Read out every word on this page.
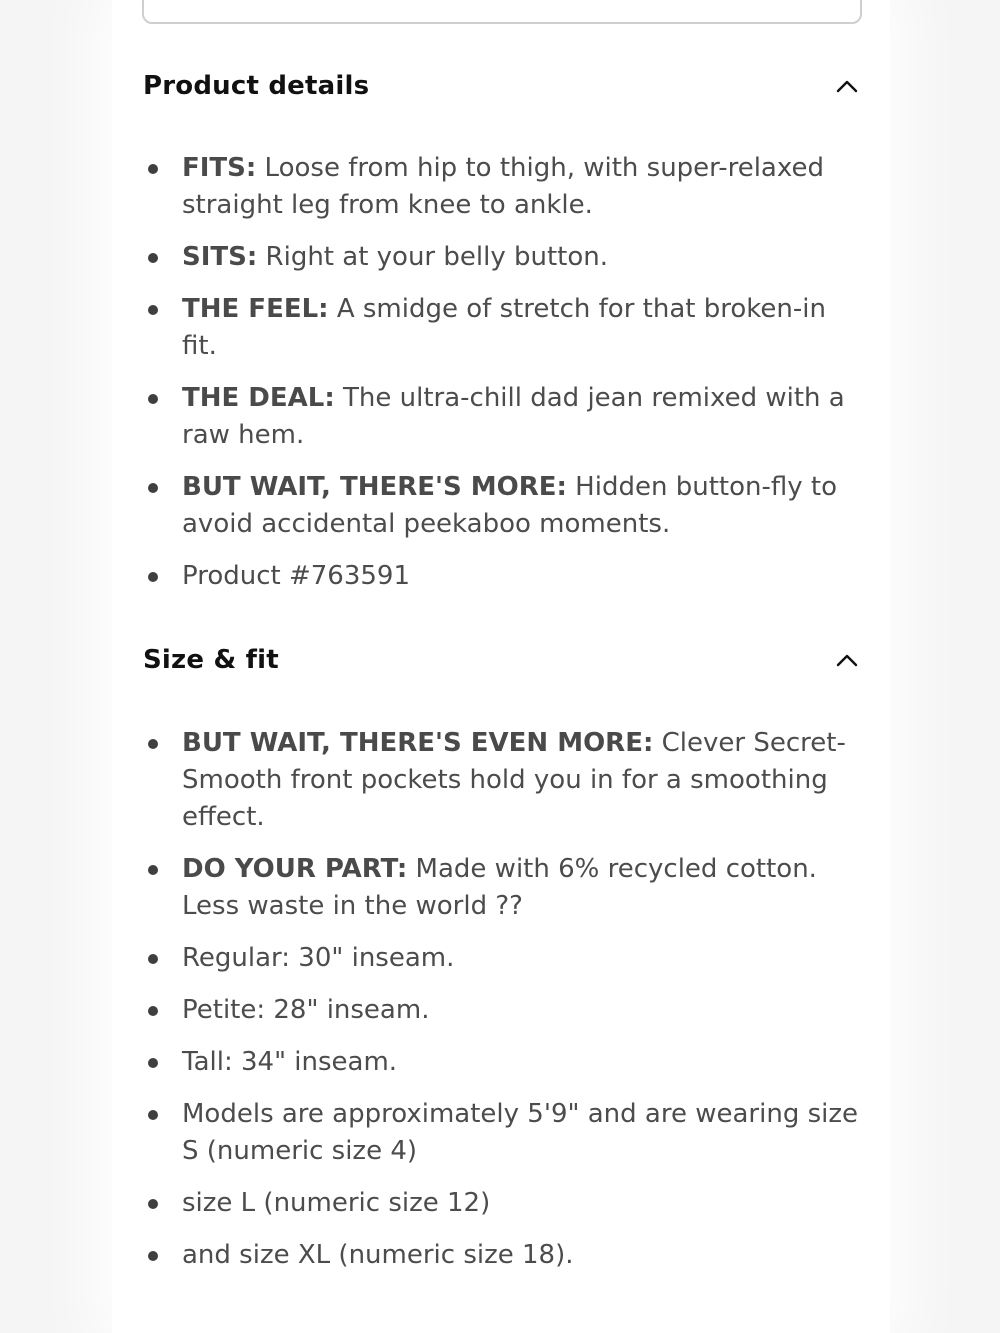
Product details
FITS: Loose from hip to thigh, with super-relaxed straight leg from knee to ankle.
SITS: Right at your belly button.
THE FEEL: A smidge of stretch for that broken-in fit.
THE DEAL: The ultra-chill dad jean remixed with a raw hem.
BUT WAIT, THERE'S MORE: Hidden button-fly to avoid accidental peekaboo moments.
Product #763591
Size & fit
BUT WAIT, THERE'S EVEN MORE: Clever Secret-Smooth front pockets hold you in for a smoothing effect.
DO YOUR PART: Made with 6% recycled cotton. Less waste in the world ??
Regular: 30" inseam.
Petite: 28" inseam.
Tall: 34" inseam.
Models are approximately 5'9" and are wearing size S (numeric size 4)
size L (numeric size 12)
and size XL (numeric size 18).
